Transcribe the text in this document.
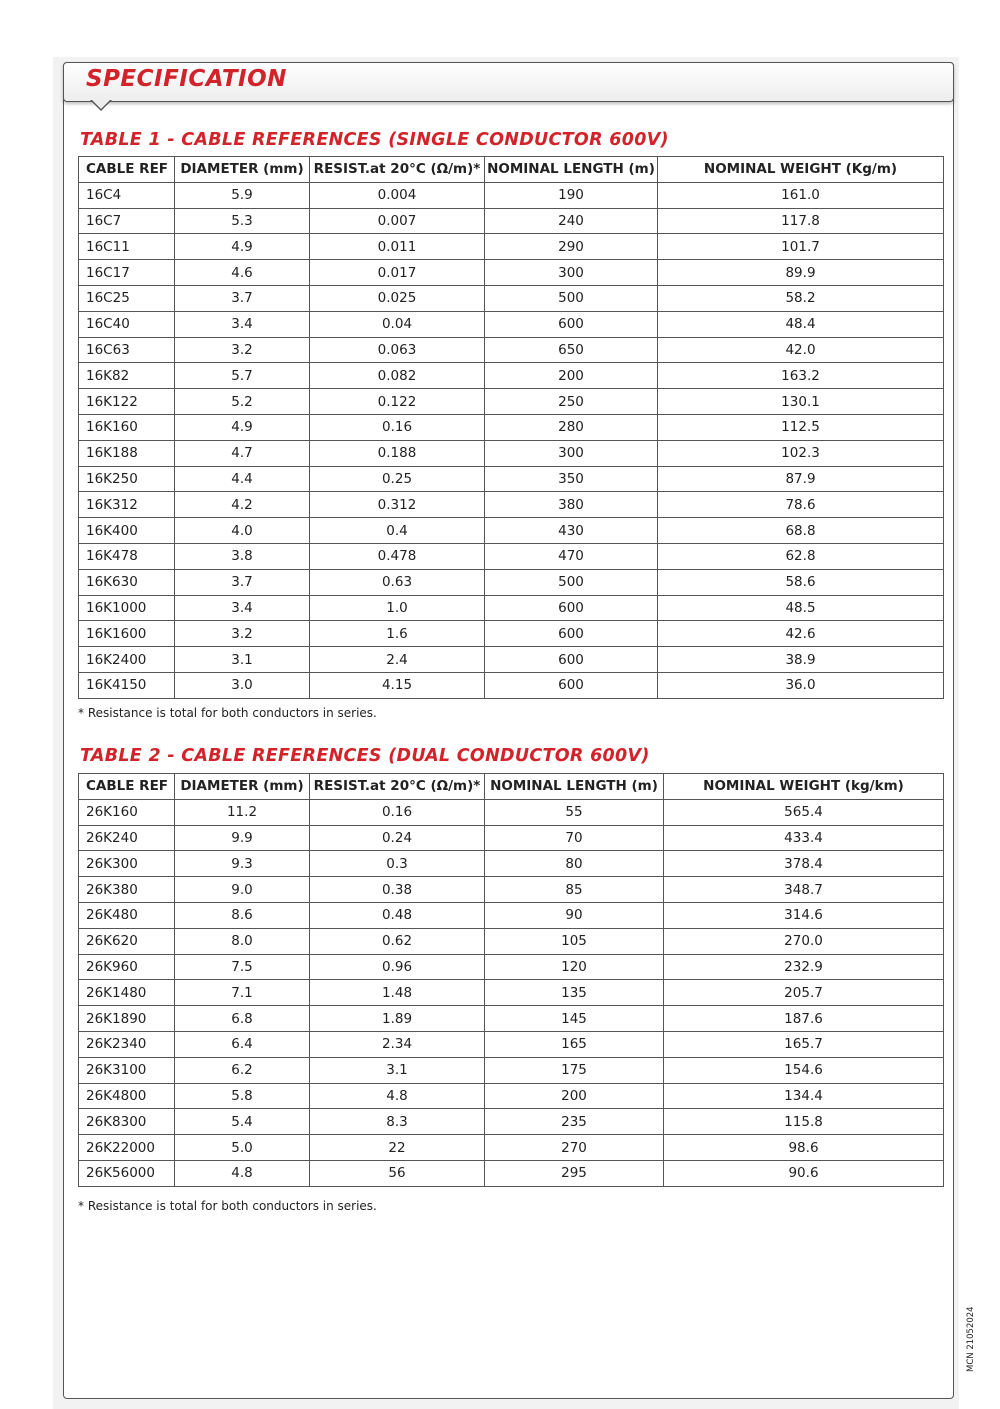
SPECIFICATION
TABLE 1 - CABLE REFERENCES (SINGLE CONDUCTOR 600V)
CABLE REF	DIAMETER (mm)	RESIST.at 20°C (Ω/m)*	NOMINAL LENGTH (m)	NOMINAL WEIGHT (Kg/m)
16C4	5.9	0.004	190	161.0
16C7	5.3	0.007	240	117.8
16C11	4.9	0.011	290	101.7
16C17	4.6	0.017	300	89.9
16C25	3.7	0.025	500	58.2
16C40	3.4	0.04	600	48.4
16C63	3.2	0.063	650	42.0
16K82	5.7	0.082	200	163.2
16K122	5.2	0.122	250	130.1
16K160	4.9	0.16	280	112.5
16K188	4.7	0.188	300	102.3
16K250	4.4	0.25	350	87.9
16K312	4.2	0.312	380	78.6
16K400	4.0	0.4	430	68.8
16K478	3.8	0.478	470	62.8
16K630	3.7	0.63	500	58.6
16K1000	3.4	1.0	600	48.5
16K1600	3.2	1.6	600	42.6
16K2400	3.1	2.4	600	38.9
16K4150	3.0	4.15	600	36.0

* Resistance is total for both conductors in series.

TABLE 2 - CABLE REFERENCES (DUAL CONDUCTOR 600V)
CABLE REF	DIAMETER (mm)	RESIST.at 20°C (Ω/m)*	NOMINAL LENGTH (m)	NOMINAL WEIGHT (kg/km)
26K160	11.2	0.16	55	565.4
26K240	9.9	0.24	70	433.4
26K300	9.3	0.3	80	378.4
26K380	9.0	0.38	85	348.7
26K480	8.6	0.48	90	314.6
26K620	8.0	0.62	105	270.0
26K960	7.5	0.96	120	232.9
26K1480	7.1	1.48	135	205.7
26K1890	6.8	1.89	145	187.6
26K2340	6.4	2.34	165	165.7
26K3100	6.2	3.1	175	154.6
26K4800	5.8	4.8	200	134.4
26K8300	5.4	8.3	235	115.8
26K22000	5.0	22	270	98.6
26K56000	4.8	56	295	90.6

* Resistance is total for both conductors in series.

MCN 21052024
